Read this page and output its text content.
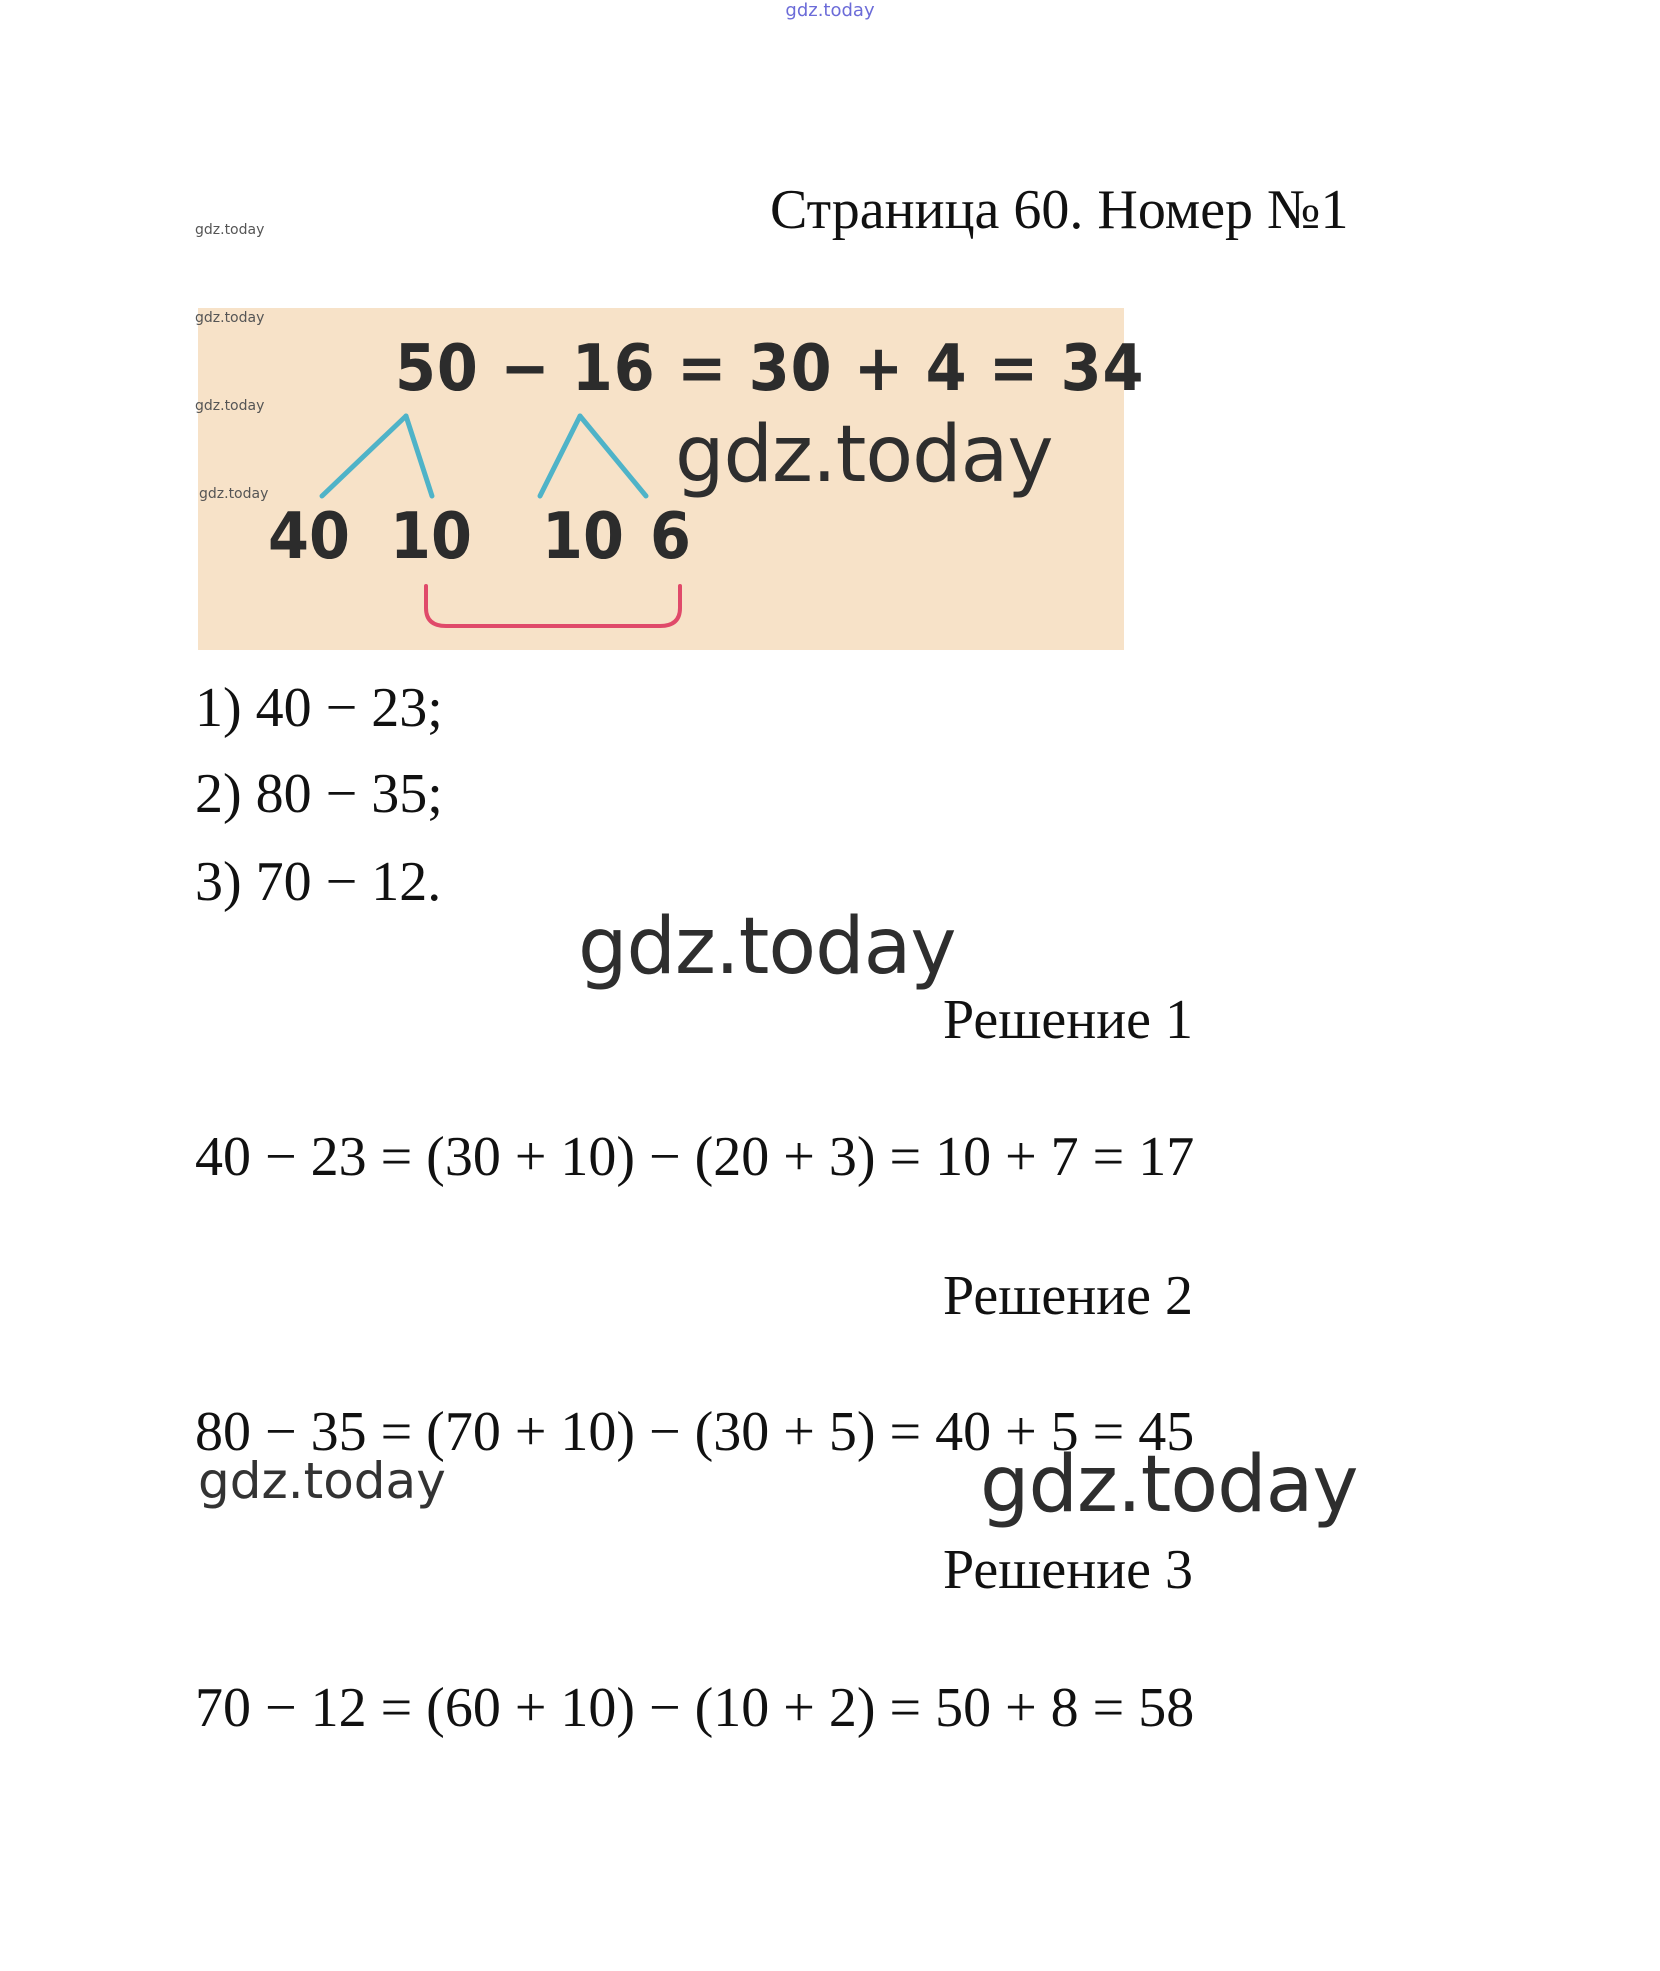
gdz.today
Страница 60. Номер №1
gdz.today
gdz.today
gdz.today
gdz.today
50 − 16 = 30 + 4 = 34
40 10 10 6
gdz.today
1) 40 − 23;
2) 80 − 35;
3) 70 − 12.
gdz.today
Решение 1
40 − 23 = (30 + 10) − (20 + 3) = 10 + 7 = 17
Решение 2
80 − 35 = (70 + 10) − (30 + 5) = 40 + 5 = 45
gdz.today	gdz.today
Решение 3
70 − 12 = (60 + 10) − (10 + 2) = 50 + 8 = 58
